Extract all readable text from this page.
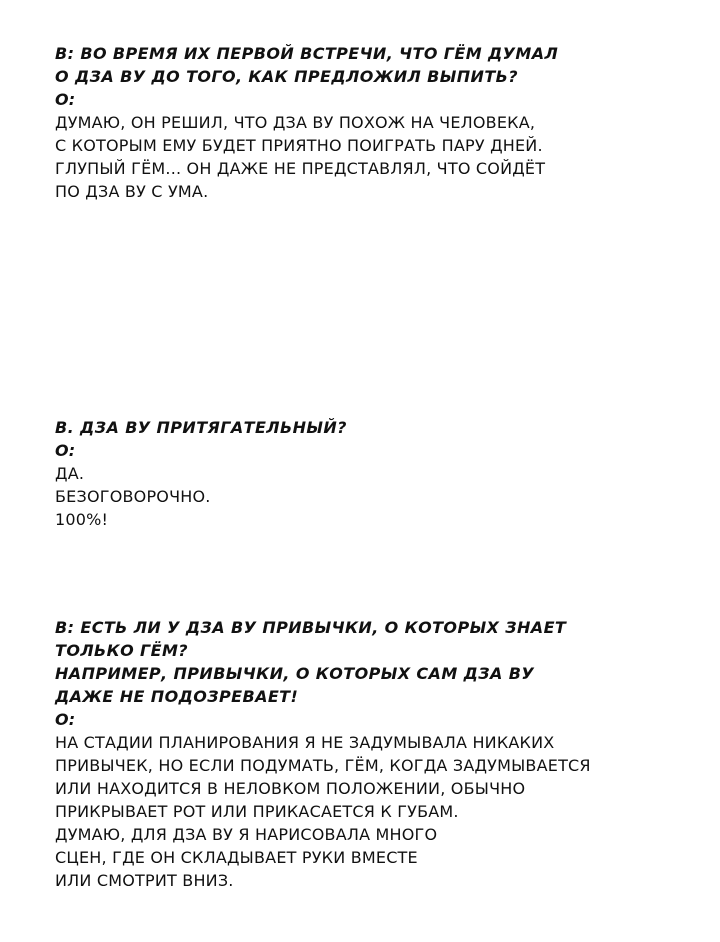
В: ВО ВРЕМЯ ИХ ПЕРВОЙ ВСТРЕЧИ, ЧТО ГЁМ ДУМАЛ
О ДЗА ВУ ДО ТОГО, КАК ПРЕДЛОЖИЛ ВЫПИТЬ?
О:
ДУМАЮ, ОН РЕШИЛ, ЧТО ДЗА ВУ ПОХОЖ НА ЧЕЛОВЕКА,
С КОТОРЫМ ЕМУ БУДЕТ ПРИЯТНО ПОИГРАТЬ ПАРУ ДНЕЙ.
ГЛУПЫЙ ГЁМ... ОН ДАЖЕ НЕ ПРЕДСТАВЛЯЛ, ЧТО СОЙДЁТ
ПО ДЗА ВУ С УМА.
В. ДЗА ВУ ПРИТЯГАТЕЛЬНЫЙ?
О:
ДА.
БЕЗОГОВОРОЧНО.
100%!
В: ЕСТЬ ЛИ У ДЗА ВУ ПРИВЫЧКИ, О КОТОРЫХ ЗНАЕТ
ТОЛЬКО ГЁМ?
НАПРИМЕР, ПРИВЫЧКИ, О КОТОРЫХ САМ ДЗА ВУ
ДАЖЕ НЕ ПОДОЗРЕВАЕТ!
О:
НА СТАДИИ ПЛАНИРОВАНИЯ Я НЕ ЗАДУМЫВАЛА НИКАКИХ
ПРИВЫЧЕК, НО ЕСЛИ ПОДУМАТЬ, ГЁМ, КОГДА ЗАДУМЫВАЕТСЯ
ИЛИ НАХОДИТСЯ В НЕЛОВКОМ ПОЛОЖЕНИИ, ОБЫЧНО
ПРИКРЫВАЕТ РОТ ИЛИ ПРИКАСАЕТСЯ К ГУБАМ.
ДУМАЮ, ДЛЯ ДЗА ВУ Я НАРИСОВАЛА МНОГО
СЦЕН, ГДЕ ОН СКЛАДЫВАЕТ РУКИ ВМЕСТЕ
ИЛИ СМОТРИТ ВНИЗ.
